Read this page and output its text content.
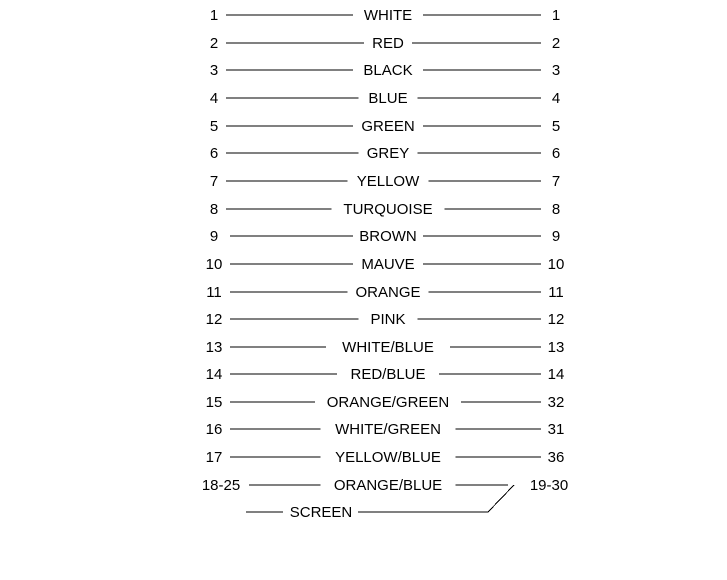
1	WHITE	1
2	RED	2
3	BLACK	3
4	BLUE	4
5	GREEN	5
6	GREY	6
7	YELLOW	7
8	TURQUOISE	8
9	BROWN	9
10	MAUVE	10
11	ORANGE	11
12	PINK	12
13	WHITE/BLUE	13
14	RED/BLUE	14
15	ORANGE/GREEN	32
16	WHITE/GREEN	31
17	YELLOW/BLUE	36
18-25	ORANGE/BLUE	19-30
SCREEN
